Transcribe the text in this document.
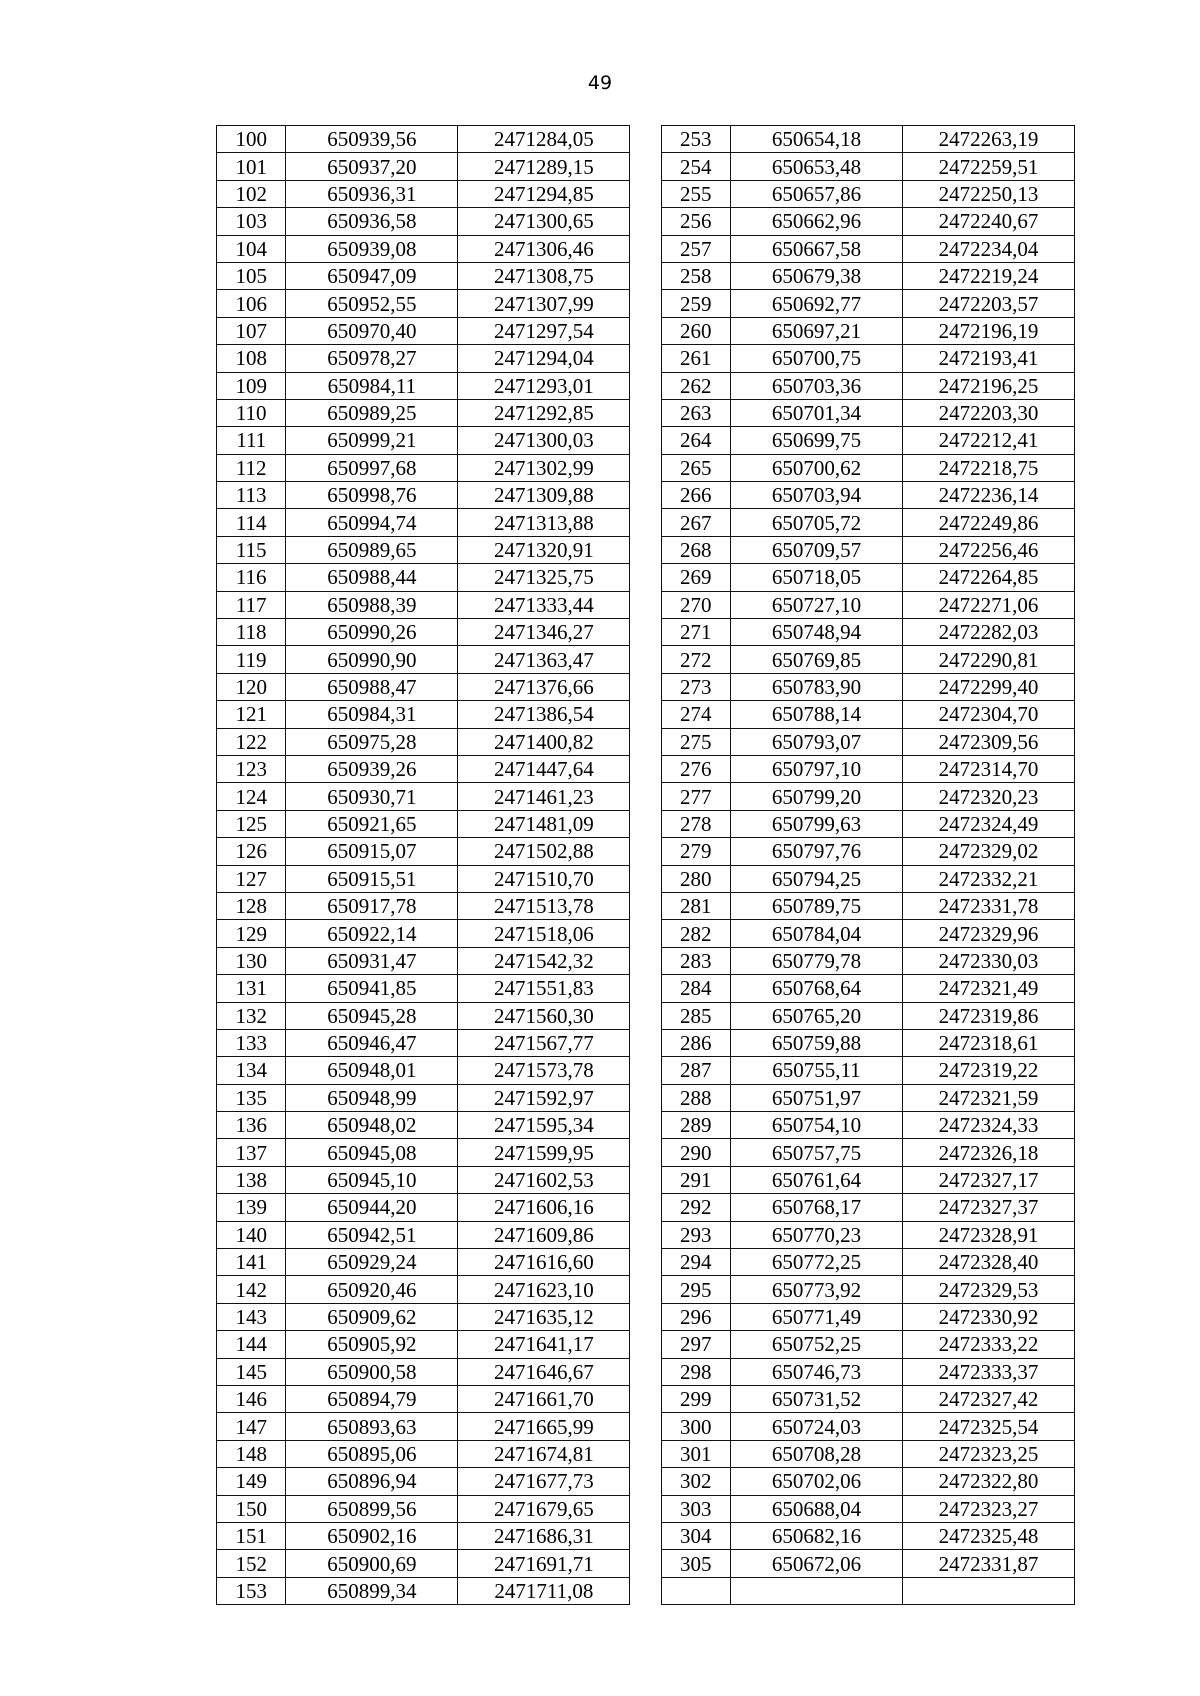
49
100	650939,56	2471284,05		253	650654,18	2472263,19
101	650937,20	2471289,15		254	650653,48	2472259,51
102	650936,31	2471294,85		255	650657,86	2472250,13
103	650936,58	2471300,65		256	650662,96	2472240,67
104	650939,08	2471306,46		257	650667,58	2472234,04
105	650947,09	2471308,75		258	650679,38	2472219,24
106	650952,55	2471307,99		259	650692,77	2472203,57
107	650970,40	2471297,54		260	650697,21	2472196,19
108	650978,27	2471294,04		261	650700,75	2472193,41
109	650984,11	2471293,01		262	650703,36	2472196,25
110	650989,25	2471292,85		263	650701,34	2472203,30
111	650999,21	2471300,03		264	650699,75	2472212,41
112	650997,68	2471302,99		265	650700,62	2472218,75
113	650998,76	2471309,88		266	650703,94	2472236,14
114	650994,74	2471313,88		267	650705,72	2472249,86
115	650989,65	2471320,91		268	650709,57	2472256,46
116	650988,44	2471325,75		269	650718,05	2472264,85
117	650988,39	2471333,44		270	650727,10	2472271,06
118	650990,26	2471346,27		271	650748,94	2472282,03
119	650990,90	2471363,47		272	650769,85	2472290,81
120	650988,47	2471376,66		273	650783,90	2472299,40
121	650984,31	2471386,54		274	650788,14	2472304,70
122	650975,28	2471400,82		275	650793,07	2472309,56
123	650939,26	2471447,64		276	650797,10	2472314,70
124	650930,71	2471461,23		277	650799,20	2472320,23
125	650921,65	2471481,09		278	650799,63	2472324,49
126	650915,07	2471502,88		279	650797,76	2472329,02
127	650915,51	2471510,70		280	650794,25	2472332,21
128	650917,78	2471513,78		281	650789,75	2472331,78
129	650922,14	2471518,06		282	650784,04	2472329,96
130	650931,47	2471542,32		283	650779,78	2472330,03
131	650941,85	2471551,83		284	650768,64	2472321,49
132	650945,28	2471560,30		285	650765,20	2472319,86
133	650946,47	2471567,77		286	650759,88	2472318,61
134	650948,01	2471573,78		287	650755,11	2472319,22
135	650948,99	2471592,97		288	650751,97	2472321,59
136	650948,02	2471595,34		289	650754,10	2472324,33
137	650945,08	2471599,95		290	650757,75	2472326,18
138	650945,10	2471602,53		291	650761,64	2472327,17
139	650944,20	2471606,16		292	650768,17	2472327,37
140	650942,51	2471609,86		293	650770,23	2472328,91
141	650929,24	2471616,60		294	650772,25	2472328,40
142	650920,46	2471623,10		295	650773,92	2472329,53
143	650909,62	2471635,12		296	650771,49	2472330,92
144	650905,92	2471641,17		297	650752,25	2472333,22
145	650900,58	2471646,67		298	650746,73	2472333,37
146	650894,79	2471661,70		299	650731,52	2472327,42
147	650893,63	2471665,99		300	650724,03	2472325,54
148	650895,06	2471674,81		301	650708,28	2472323,25
149	650896,94	2471677,73		302	650702,06	2472322,80
150	650899,56	2471679,65		303	650688,04	2472323,27
151	650902,16	2471686,31		304	650682,16	2472325,48
152	650900,69	2471691,71		305	650672,06	2472331,87
153	650899,34	2471711,08				
